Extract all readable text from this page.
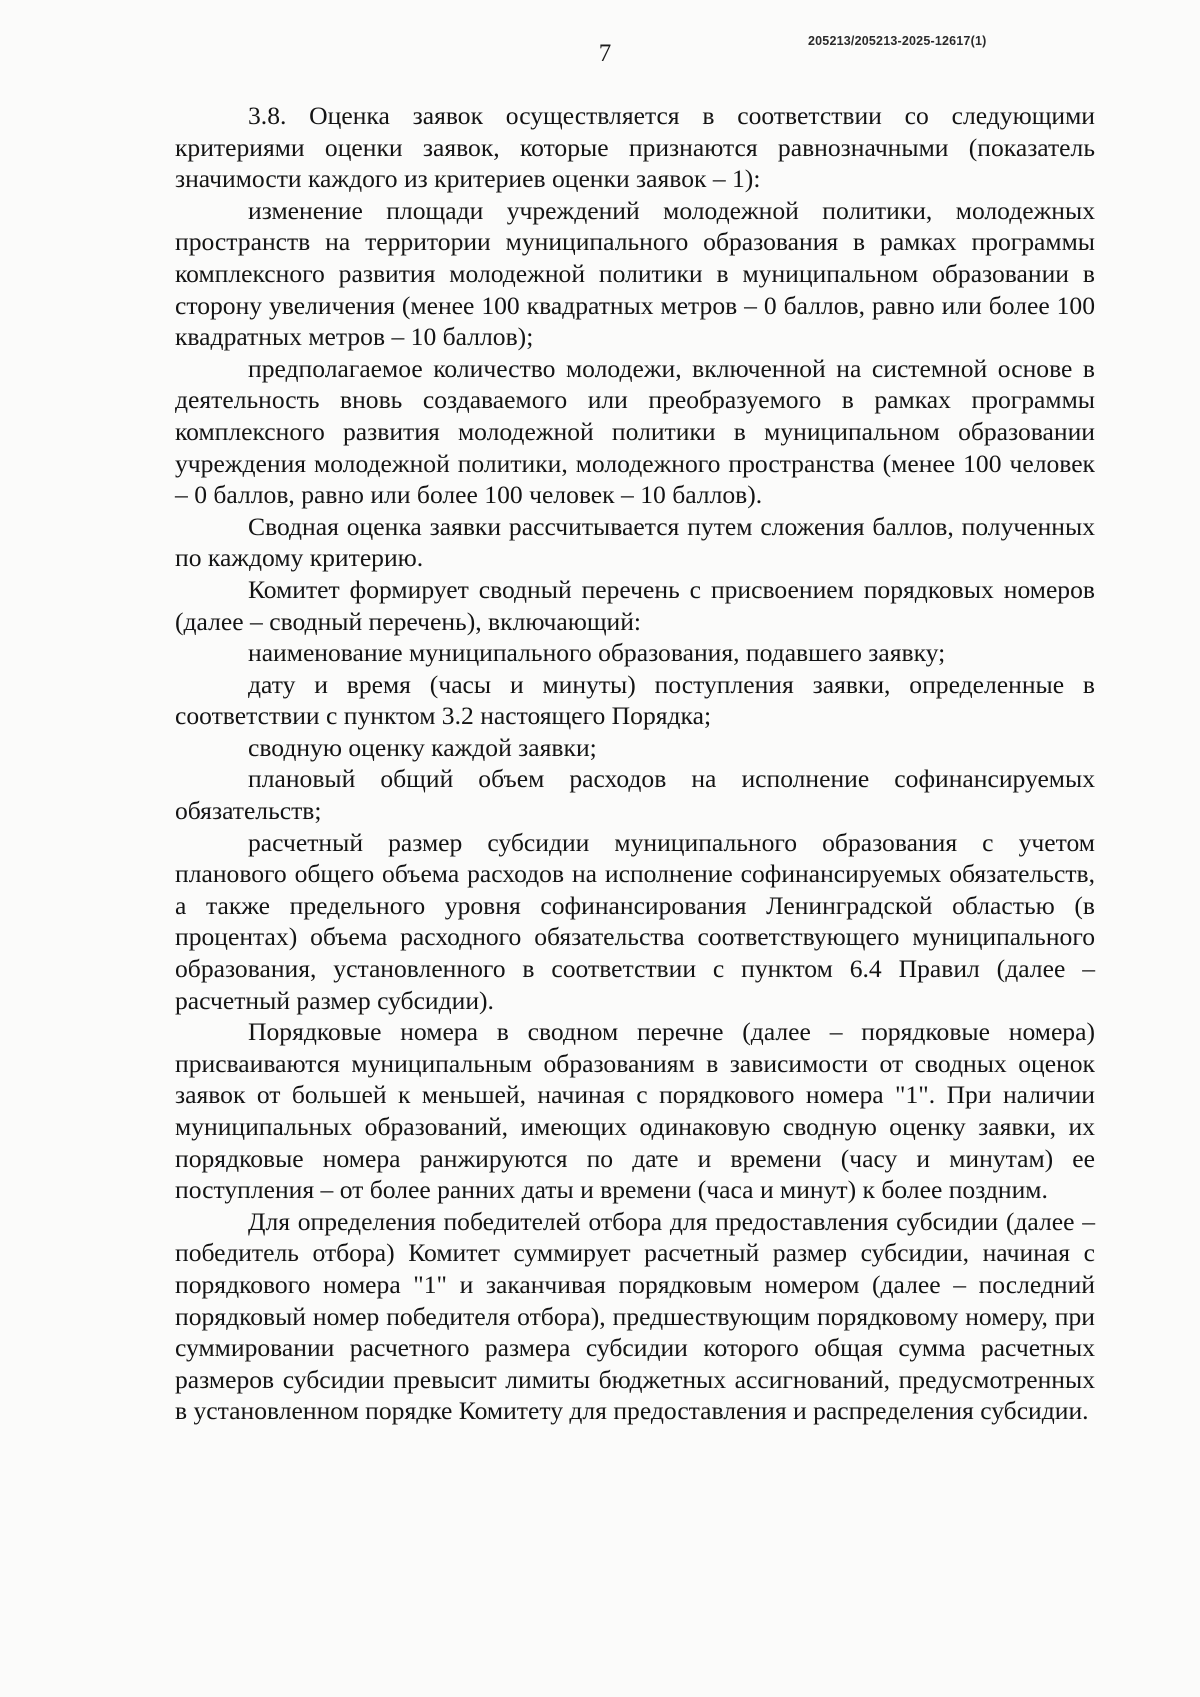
205213/205213-2025-12617(1)
7

3.8. Оценка заявок осуществляется в соответствии со следующими критериями оценки заявок, которые признаются равнозначными (показатель значимости каждого из критериев оценки заявок – 1):

изменение площади учреждений молодежной политики, молодежных пространств на территории муниципального образования в рамках программы комплексного развития молодежной политики в муниципальном образовании в сторону увеличения (менее 100 квадратных метров – 0 баллов, равно или более 100 квадратных метров – 10 баллов);

предполагаемое количество молодежи, включенной на системной основе в деятельность вновь создаваемого или преобразуемого в рамках программы комплексного развития молодежной политики в муниципальном образовании учреждения молодежной политики, молодежного пространства (менее 100 человек – 0 баллов, равно или более 100 человек – 10 баллов).

Сводная оценка заявки рассчитывается путем сложения баллов, полученных по каждому критерию.

Комитет формирует сводный перечень с присвоением порядковых номеров (далее – сводный перечень), включающий:

наименование муниципального образования, подавшего заявку;

дату и время (часы и минуты) поступления заявки, определенные в соответствии с пунктом 3.2 настоящего Порядка;

сводную оценку каждой заявки;

плановый общий объем расходов на исполнение софинансируемых обязательств;

расчетный размер субсидии муниципального образования с учетом планового общего объема расходов на исполнение софинансируемых обязательств, а также предельного уровня софинансирования Ленинградской областью (в процентах) объема расходного обязательства соответствующего муниципального образования, установленного в соответствии с пунктом 6.4 Правил (далее – расчетный размер субсидии).

Порядковые номера в сводном перечне (далее – порядковые номера) присваиваются муниципальным образованиям в зависимости от сводных оценок заявок от большей к меньшей, начиная с порядкового номера "1". При наличии муниципальных образований, имеющих одинаковую сводную оценку заявки, их порядковые номера ранжируются по дате и времени (часу и минутам) ее поступления – от более ранних даты и времени (часа и минут) к более поздним.

Для определения победителей отбора для предоставления субсидии (далее – победитель отбора) Комитет суммирует расчетный размер субсидии, начиная с порядкового номера "1" и заканчивая порядковым номером (далее – последний порядковый номер победителя отбора), предшествующим порядковому номеру, при суммировании расчетного размера субсидии которого общая сумма расчетных размеров субсидии превысит лимиты бюджетных ассигнований, предусмотренных в установленном порядке Комитету для предоставления и распределения субсидии.
